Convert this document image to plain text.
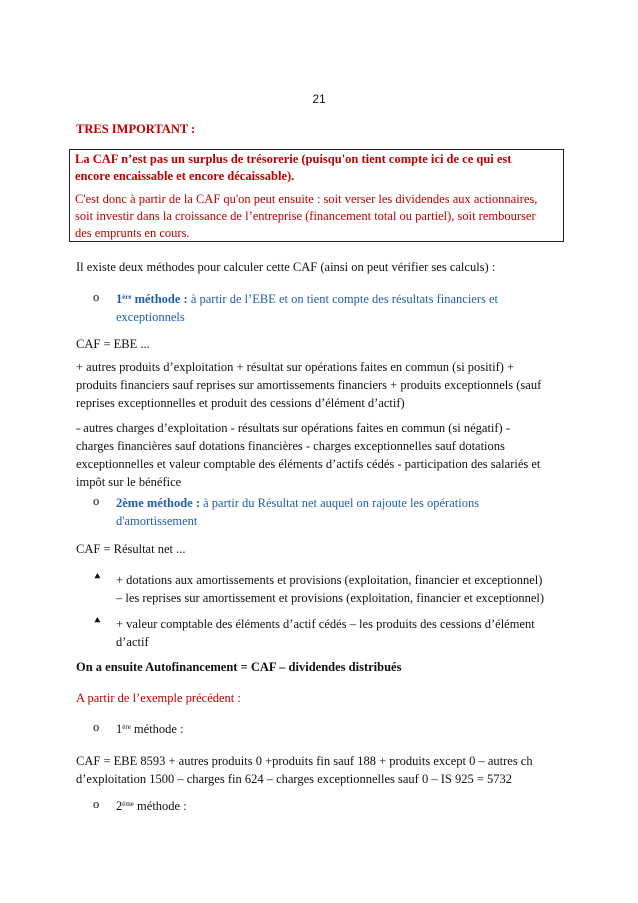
21
TRES IMPORTANT :
La CAF n’est pas un surplus de trésorerie (puisqu'on tient compte ici de ce qui est
encore encaissable et encore décaissable).
C'est donc à partir de la CAF qu'on peut ensuite : soit verser les dividendes aux actionnaires,
soit investir dans la croissance de l’entreprise (financement total ou partiel), soit rembourser
des emprunts en cours.
Il existe deux méthodes pour calculer cette CAF (ainsi on peut vérifier ses calculs) :
o 1ère méthode : à partir de l’EBE et on tient compte des résultats financiers et
exceptionnels
CAF = EBE ...
+ autres produits d’exploitation + résultat sur opérations faites en commun (si positif) +
produits financiers sauf reprises sur amortissements financiers + produits exceptionnels (sauf
reprises exceptionnelles et produit des cessions d’élément d’actif)
- autres charges d’exploitation - résultats sur opérations faites en commun (si négatif) -
charges financières sauf dotations financières - charges exceptionnelles sauf dotations
exceptionnelles et valeur comptable des éléments d’actifs cédés - participation des salariés et
impôt sur le bénéfice
o 2ème méthode : à partir du Résultat net auquel on rajoute les opérations
d'amortissement
CAF = Résultat net ...
⯅ + dotations aux amortissements et provisions (exploitation, financier et exceptionnel)
– les reprises sur amortissement et provisions (exploitation, financier et exceptionnel)
⯅ + valeur comptable des éléments d’actif cédés – les produits des cessions d’élément
d’actif
On a ensuite Autofinancement = CAF – dividendes distribués
A partir de l’exemple précédent :
o 1ère méthode :
CAF = EBE 8593 + autres produits 0 +produits fin sauf 188 + produits except 0 – autres ch
d’exploitation 1500 – charges fin 624 – charges exceptionnelles sauf 0 – IS 925 = 5732
o 2ème méthode :
